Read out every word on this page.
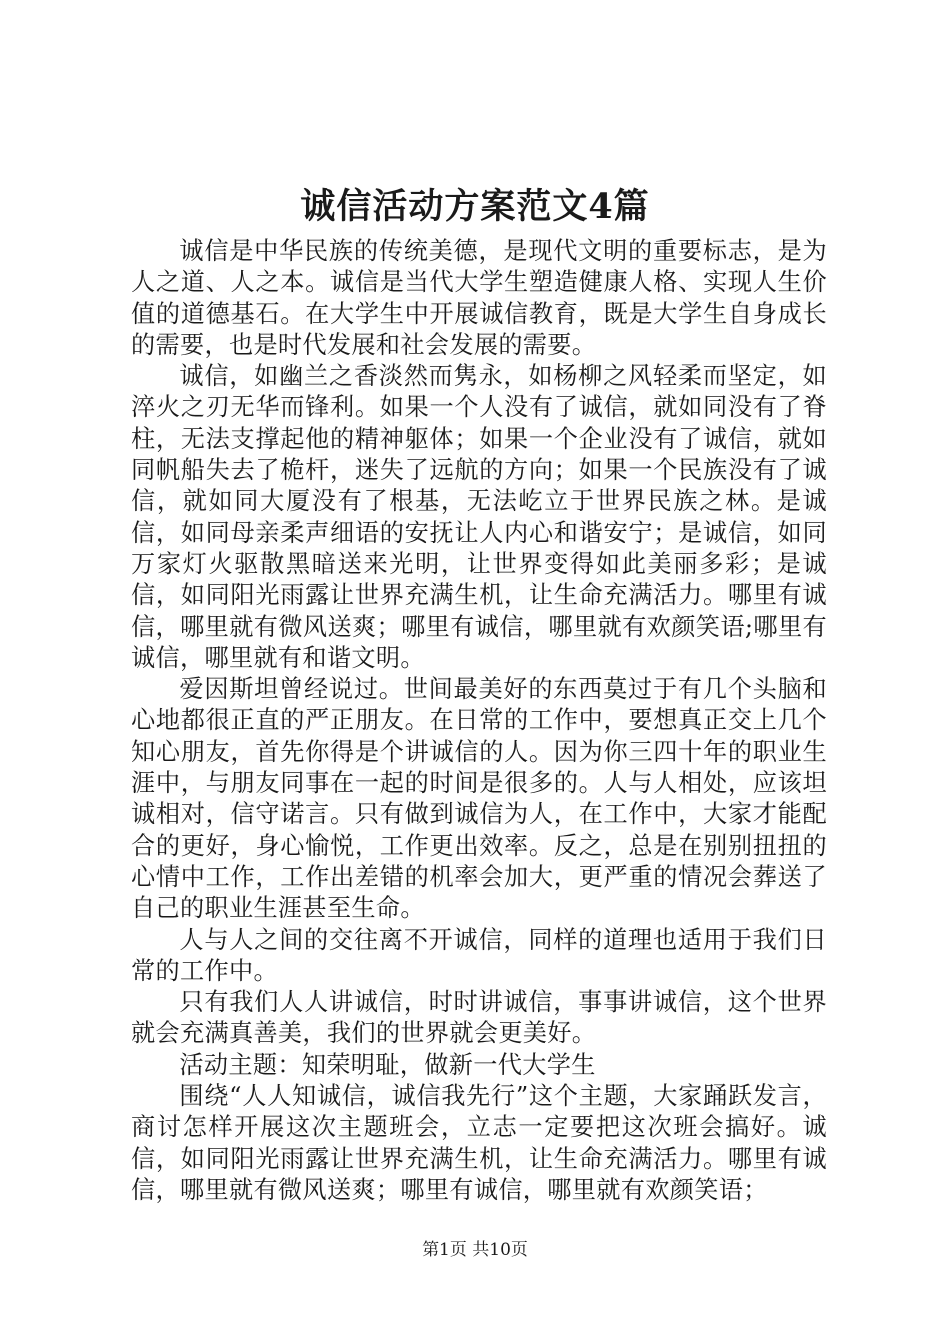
诚信活动方案范文4篇

诚信是中华民族的传统美德，是现代文明的重要标志，是为人之道、人之本。诚信是当代大学生塑造健康人格、实现人生价值的道德基石。在大学生中开展诚信教育，既是大学生自身成长的需要，也是时代发展和社会发展的需要。

诚信，如幽兰之香淡然而隽永，如杨柳之风轻柔而坚定，如淬火之刃无华而锋利。如果一个人没有了诚信，就如同没有了脊柱，无法支撑起他的精神躯体；如果一个企业没有了诚信，就如同帆船失去了桅杆，迷失了远航的方向；如果一个民族没有了诚信，就如同大厦没有了根基，无法屹立于世界民族之林。是诚信，如同母亲柔声细语的安抚让人内心和谐安宁；是诚信，如同万家灯火驱散黑暗送来光明，让世界变得如此美丽多彩；是诚信，如同阳光雨露让世界充满生机，让生命充满活力。哪里有诚信，哪里就有微风送爽；哪里有诚信，哪里就有欢颜笑语;哪里有诚信，哪里就有和谐文明。

爱因斯坦曾经说过。世间最美好的东西莫过于有几个头脑和心地都很正直的严正朋友。在日常的工作中，要想真正交上几个知心朋友，首先你得是个讲诚信的人。因为你三四十年的职业生涯中，与朋友同事在一起的时间是很多的。人与人相处，应该坦诚相对，信守诺言。只有做到诚信为人，在工作中，大家才能配合的更好，身心愉悦，工作更出效率。反之，总是在别别扭扭的心情中工作，工作出差错的机率会加大，更严重的情况会葬送了自己的职业生涯甚至生命。

人与人之间的交往离不开诚信，同样的道理也适用于我们日常的工作中。

只有我们人人讲诚信，时时讲诚信，事事讲诚信，这个世界就会充满真善美，我们的世界就会更美好。

活动主题：知荣明耻，做新一代大学生

围绕“人人知诚信，诚信我先行”这个主题，大家踊跃发言，商讨怎样开展这次主题班会，立志一定要把这次班会搞好。诚信，如同阳光雨露让世界充满生机，让生命充满活力。哪里有诚信，哪里就有微风送爽；哪里有诚信，哪里就有欢颜笑语；

第1页 共10页
